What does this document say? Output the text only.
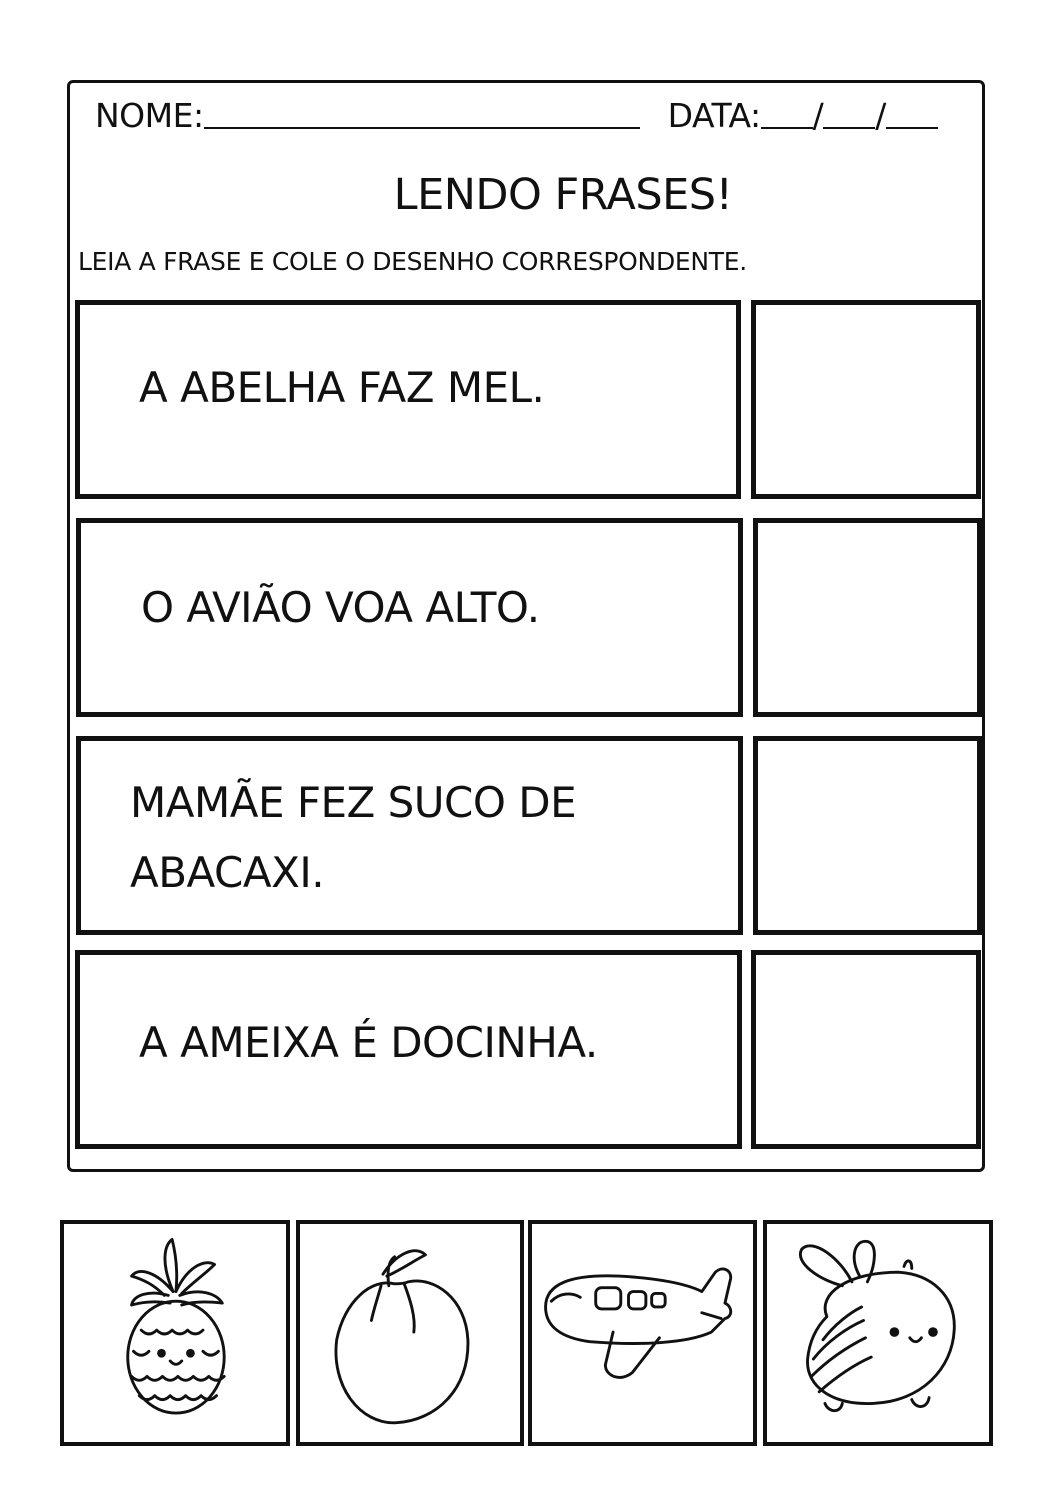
NOME:	DATA: / /
LENDO FRASES!
LEIA A FRASE E COLE O DESENHO CORRESPONDENTE.
A ABELHA FAZ MEL.
O AVIÃO VOA ALTO.
MAMÃE FEZ SUCO DE
ABACAXI.
A AMEIXA É DOCINHA.
